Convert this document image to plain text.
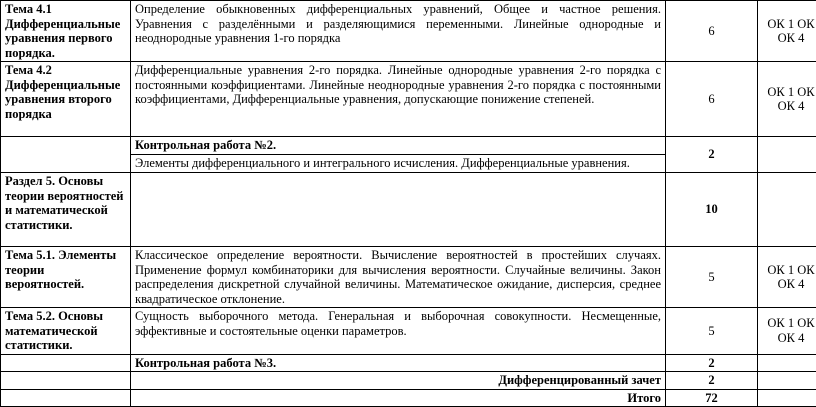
Тема 4.1 Дифференциальные уравнения первого порядка.	Определение обыкновенных дифференциальных уравнений, Общее и частное решения. Уравнения с разделёнными и разделяющимися переменными. Линейные однородные и неоднородные уравнения 1-го порядка	6	ОК 1 ОК
ОК 4

Тема 4.2 Дифференциальные уравнения второго порядка	Дифференциальные уравнения 2-го порядка. Линейные однородные уравнения 2-го порядка с постоянными коэффициентами. Линейные неоднородные уравнения 2-го порядка с постоянными коэффициентами, Дифференциальные уравнения, допускающие понижение степеней.	6	ОК 1 ОК
ОК 4

	Контрольная работа №2.	2	
	Элементы дифференциального и интегрального исчисления. Дифференциальные уравнения.		
Раздел 5. Основы теории вероятностей и математической статистики.		10	
Тема 5.1. Элементы теории вероятностей.	Классическое определение вероятности. Вычисление вероятностей в простейших случаях. Применение формул комбинаторики для вычисления вероятности. Случайные величины. Закон распределения дискретной случайной величины. Математическое ожидание, дисперсия, среднее квадратическое отклонение.	5	ОК 1 ОК
ОК 4

Тема 5.2. Основы математической статистики.	Сущность выборочного метода. Генеральная и выборочная совокупности. Несмещенные, эффективные и состоятельные оценки параметров.	5	ОК 1 ОК
ОК 4

	Контрольная работа №3.	2	
	Дифференцированный зачет	2	
	Итого	72	
